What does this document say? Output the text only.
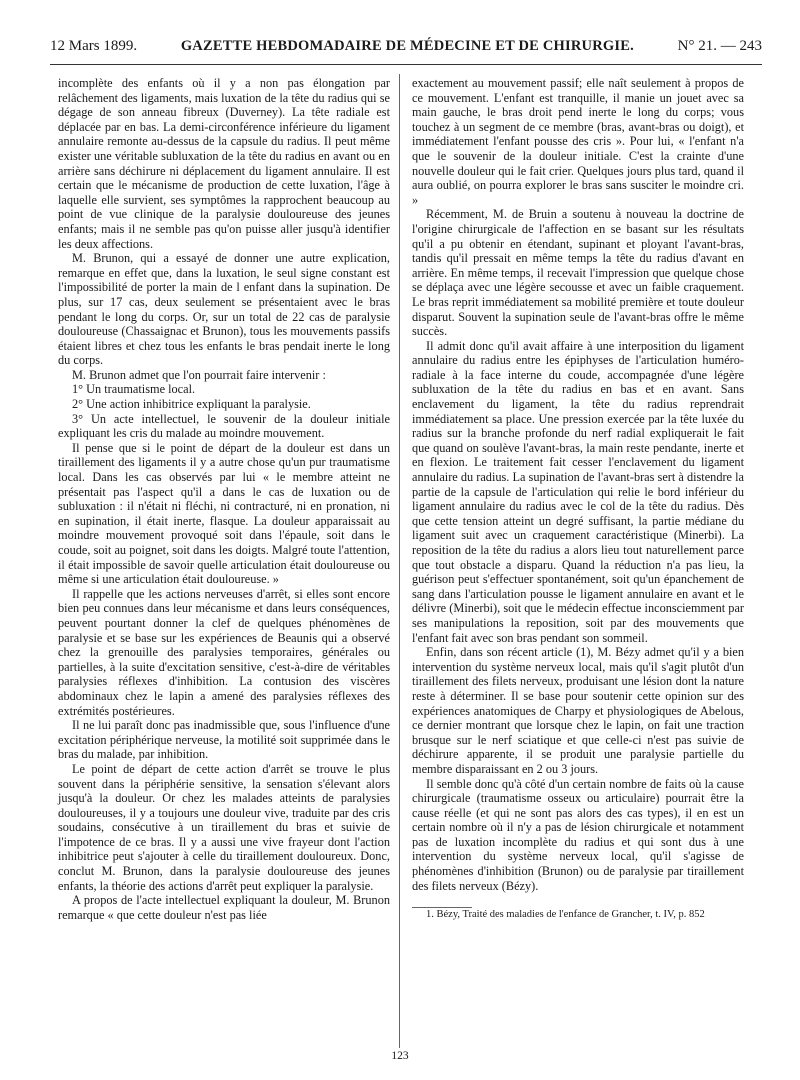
12 Mars 1899.	GAZETTE HEBDOMADAIRE DE MÉDECINE ET DE CHIRURGIE.	N° 21. — 243

incomplète des enfants où il y a non pas élongation par relâchement des ligaments, mais luxation de la tête du radius qui se dégage de son anneau fibreux (Duverney). La tête radiale est déplacée par en bas. La demi-circonférence inférieure du ligament annulaire remonte au-dessus de la capsule du radius. Il peut même exister une véritable subluxation de la tête du radius en avant ou en arrière sans déchirure ni déplacement du ligament annulaire. Il est certain que le mécanisme de production de cette luxation, l'âge à laquelle elle survient, ses symptômes la rapprochent beaucoup au point de vue clinique de la paralysie douloureuse des jeunes enfants; mais il ne semble pas qu'on puisse aller jusqu'à identifier les deux affections.

M. Brunon, qui a essayé de donner une autre explication, remarque en effet que, dans la luxation, le seul signe constant est l'impossibilité de porter la main de l enfant dans la supination. De plus, sur 17 cas, deux seulement se présentaient avec le bras pendant le long du corps. Or, sur un total de 22 cas de paralysie douloureuse (Chassaignac et Brunon), tous les mouvements passifs étaient libres et chez tous les enfants le bras pendait inerte le long du corps.

M. Brunon admet que l'on pourrait faire intervenir :

1° Un traumatisme local.

2° Une action inhibitrice expliquant la paralysie.

3° Un acte intellectuel, le souvenir de la douleur initiale expliquant les cris du malade au moindre mouvement.

Il pense que si le point de départ de la douleur est dans un tiraillement des ligaments il y a autre chose qu'un pur traumatisme local. Dans les cas observés par lui « le membre atteint ne présentait pas l'aspect qu'il a dans le cas de luxation ou de subluxation : il n'était ni fléchi, ni contracturé, ni en pronation, ni en supination, il était inerte, flasque. La douleur apparaissait au moindre mouvement provoqué soit dans l'épaule, soit dans le coude, soit au poignet, soit dans les doigts. Malgré toute l'attention, il était impossible de savoir quelle articulation était douloureuse ou même si une articulation était douloureuse. »

Il rappelle que les actions nerveuses d'arrêt, si elles sont encore bien peu connues dans leur mécanisme et dans leurs conséquences, peuvent pourtant donner la clef de quelques phénomènes de paralysie et se base sur les expériences de Beaunis qui a observé chez la grenouille des paralysies temporaires, générales ou partielles, à la suite d'excitation sensitive, c'est-à-dire de véritables paralysies réflexes d'inhibition. La contusion des viscères abdominaux chez le lapin a amené des paralysies réflexes des extrémités postérieures.

Il ne lui paraît donc pas inadmissible que, sous l'influence d'une excitation périphérique nerveuse, la motilité soit supprimée dans le bras du malade, par inhibition.

Le point de départ de cette action d'arrêt se trouve le plus souvent dans la périphérie sensitive, la sensation s'élevant alors jusqu'à la douleur. Or chez les malades atteints de paralysies douloureuses, il y a toujours une douleur vive, traduite par des cris soudains, consécutive à un tiraillement du bras et suivie de l'impotence de ce bras. Il y a aussi une vive frayeur dont l'action inhibitrice peut s'ajouter à celle du tiraillement douloureux. Donc, conclut M. Brunon, dans la paralysie douloureuse des jeunes enfants, la théorie des actions d'arrêt peut expliquer la paralysie.

A propos de l'acte intellectuel expliquant la douleur, M. Brunon remarque « que cette douleur n'est pas liée

exactement au mouvement passif; elle naît seulement à propos de ce mouvement. L'enfant est tranquille, il manie un jouet avec sa main gauche, le bras droit pend inerte le long du corps; vous touchez à un segment de ce membre (bras, avant-bras ou doigt), et immédiatement l'enfant pousse des cris ». Pour lui, « l'enfant n'a que le souvenir de la douleur initiale. C'est la crainte d'une nouvelle douleur qui le fait crier. Quelques jours plus tard, quand il aura oublié, on pourra explorer le bras sans susciter le moindre cri. »

Récemment, M. de Bruin a soutenu à nouveau la doctrine de l'origine chirurgicale de l'affection en se basant sur les résultats qu'il a pu obtenir en étendant, supinant et ployant l'avant-bras, tandis qu'il pressait en même temps la tête du radius d'avant en arrière. En même temps, il recevait l'impression que quelque chose se déplaça avec une légère secousse et avec un faible craquement. Le bras reprit immédiatement sa mobilité première et toute douleur disparut. Souvent la supination seule de l'avant-bras offre le même succès.

Il admit donc qu'il avait affaire à une interposition du ligament annulaire du radius entre les épiphyses de l'articulation huméro-radiale à la face interne du coude, accompagnée d'une légère subluxation de la tête du radius en bas et en avant. Sans enclavement du ligament, la tête du radius reprendrait immédiatement sa place. Une pression exercée par la tête luxée du radius sur la branche profonde du nerf radial expliquerait le fait que quand on soulève l'avant-bras, la main reste pendante, inerte et en flexion. Le traitement fait cesser l'enclavement du ligament annulaire du radius. La supination de l'avant-bras sert à distendre la partie de la capsule de l'articulation qui relie le bord inférieur du ligament annulaire du radius avec le col de la tête du radius. Dès que cette tension atteint un degré suffisant, la partie médiane du ligament suit avec un craquement caractéristique (Minerbi). La reposition de la tête du radius a alors lieu tout naturellement parce que tout obstacle a disparu. Quand la réduction n'a pas lieu, la guérison peut s'effectuer spontanément, soit qu'un épanchement de sang dans l'articulation pousse le ligament annulaire en avant et le délivre (Minerbi), soit que le médecin effectue inconsciemment par ses manipulations la reposition, soit par des mouvements que l'enfant fait avec son bras pendant son sommeil.

Enfin, dans son récent article (1), M. Bézy admet qu'il y a bien intervention du système nerveux local, mais qu'il s'agit plutôt d'un tiraillement des filets nerveux, produisant une lésion dont la nature reste à déterminer. Il se base pour soutenir cette opinion sur des expériences anatomiques de Charpy et physiologiques de Abelous, ce dernier montrant que lorsque chez le lapin, on fait une traction brusque sur le nerf sciatique et que celle-ci n'est pas suivie de déchirure apparente, il se produit une paralysie partielle du membre disparaissant en 2 ou 3 jours.

Il semble donc qu'à côté d'un certain nombre de faits où la cause chirurgicale (traumatisme osseux ou articulaire) pourrait être la cause réelle (et qui ne sont pas alors des cas types), il en est un certain nombre où il n'y a pas de lésion chirurgicale et notamment pas de luxation incomplète du radius et qui sont dus à une intervention du système nerveux local, qu'il s'agisse de phénomènes d'inhibition (Brunon) ou de paralysie par tiraillement des filets nerveux (Bézy).

1. Bézy, Traité des maladies de l'enfance de Grancher, t. IV, p. 852

123
